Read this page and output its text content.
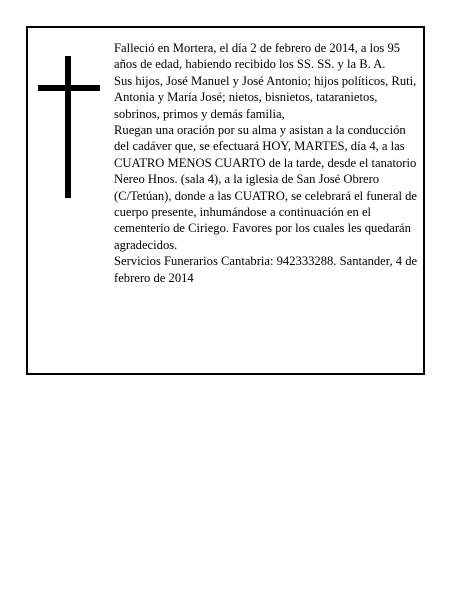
Falleció en Mortera, el día 2 de febrero de 2014, a los 95 años de edad, habiendo recibido los SS. SS. y la B. A.

Sus hijos, José Manuel y José Antonio; hijos políticos, Ruti, Antonia y María José; nietos, bisnietos, tataranietos, sobrinos, primos y demás familia,

Ruegan una oración por su alma y asistan a la conducción del cadáver que, se efectuará HOY, MARTES, día 4, a las CUATRO MENOS CUARTO de la tarde, desde el tanatorio Nereo Hnos. (sala 4), a la iglesia de San José Obrero (C/Tetúan), donde a las CUATRO, se celebrará el funeral de cuerpo presente, inhumándose a continuación en el cementerio de Ciriego. Favores por los cuales les quedarán agradecidos.

Servicios Funerarios Cantabria: 942333288. Santander, 4 de febrero de 2014
